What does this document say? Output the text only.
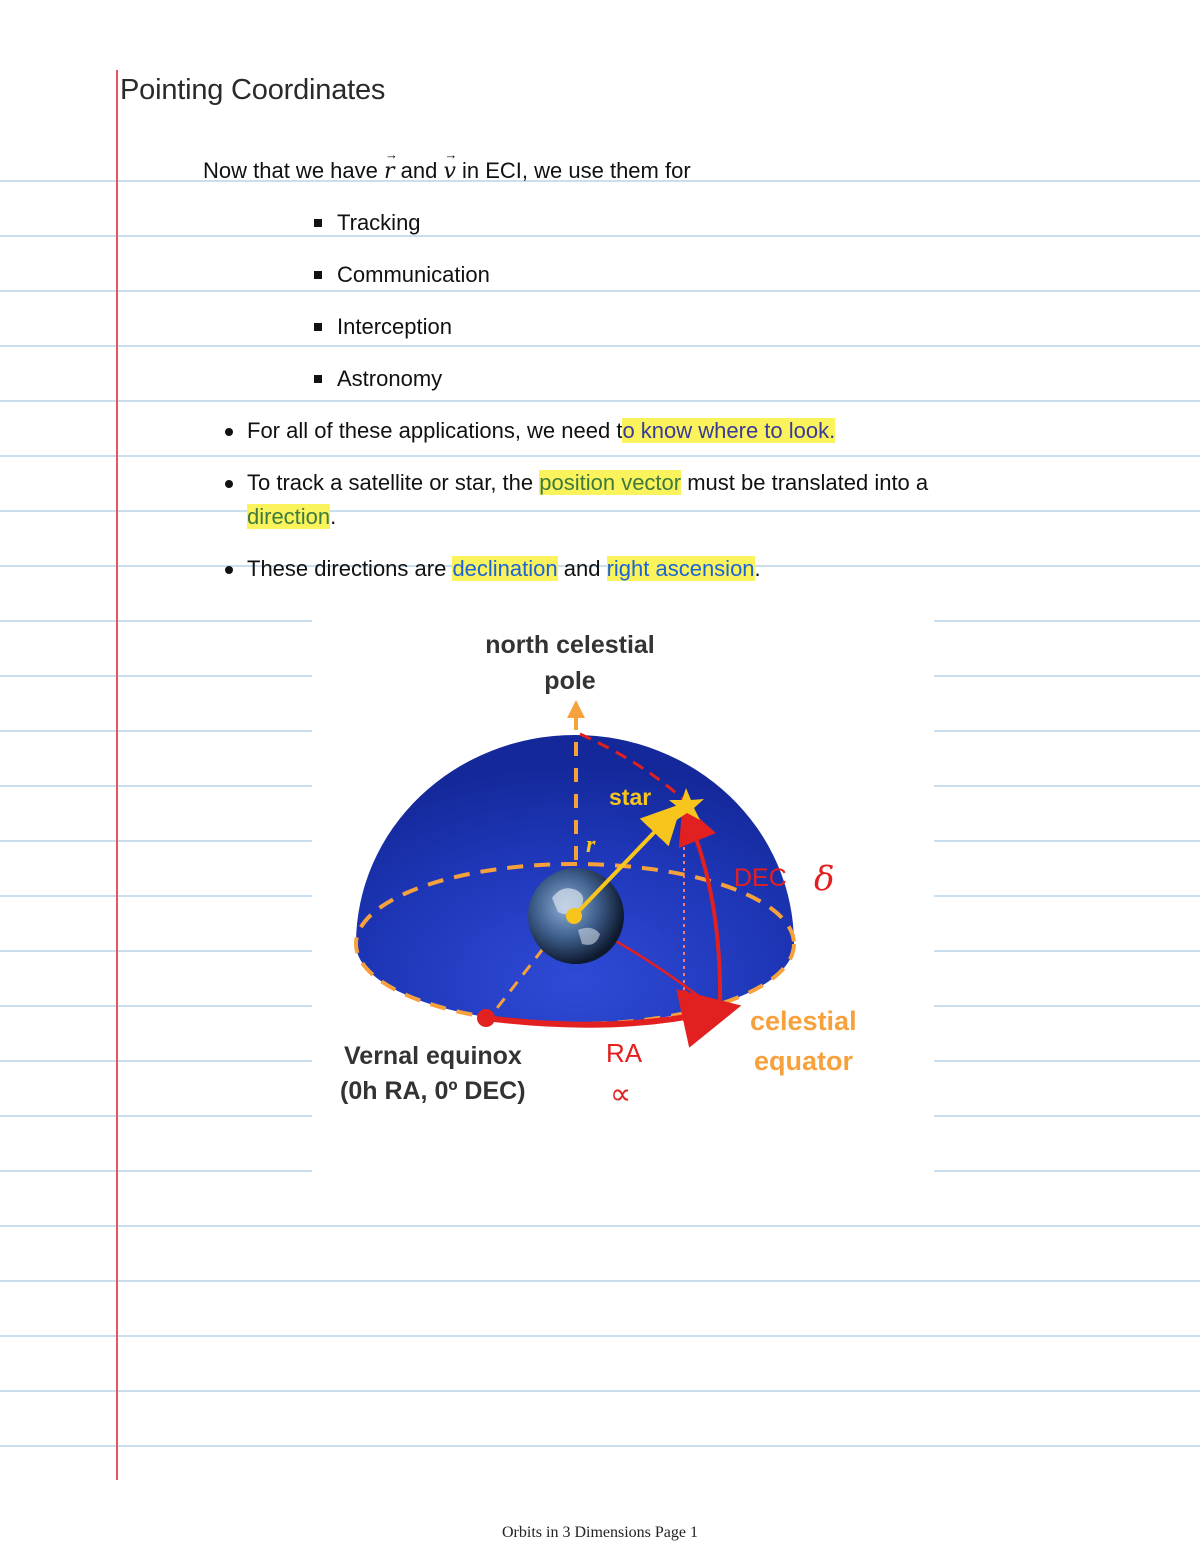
Pointing Coordinates
Now that we have
→
r and
→
v in ECI, we use them for
Tracking
Communication
Interception
Astronomy
For all of these applications, we need to know where to look.
To track a satellite or star, the position vector must be translated into a
direction.
These directions are declination and right ascension.
north celestial
pole
star
r
DEC δ
celestial
equator
Vernal equinox
(0h RA, 0º DEC)
RA
∝
Orbits in 3 Dimensions Page 1
